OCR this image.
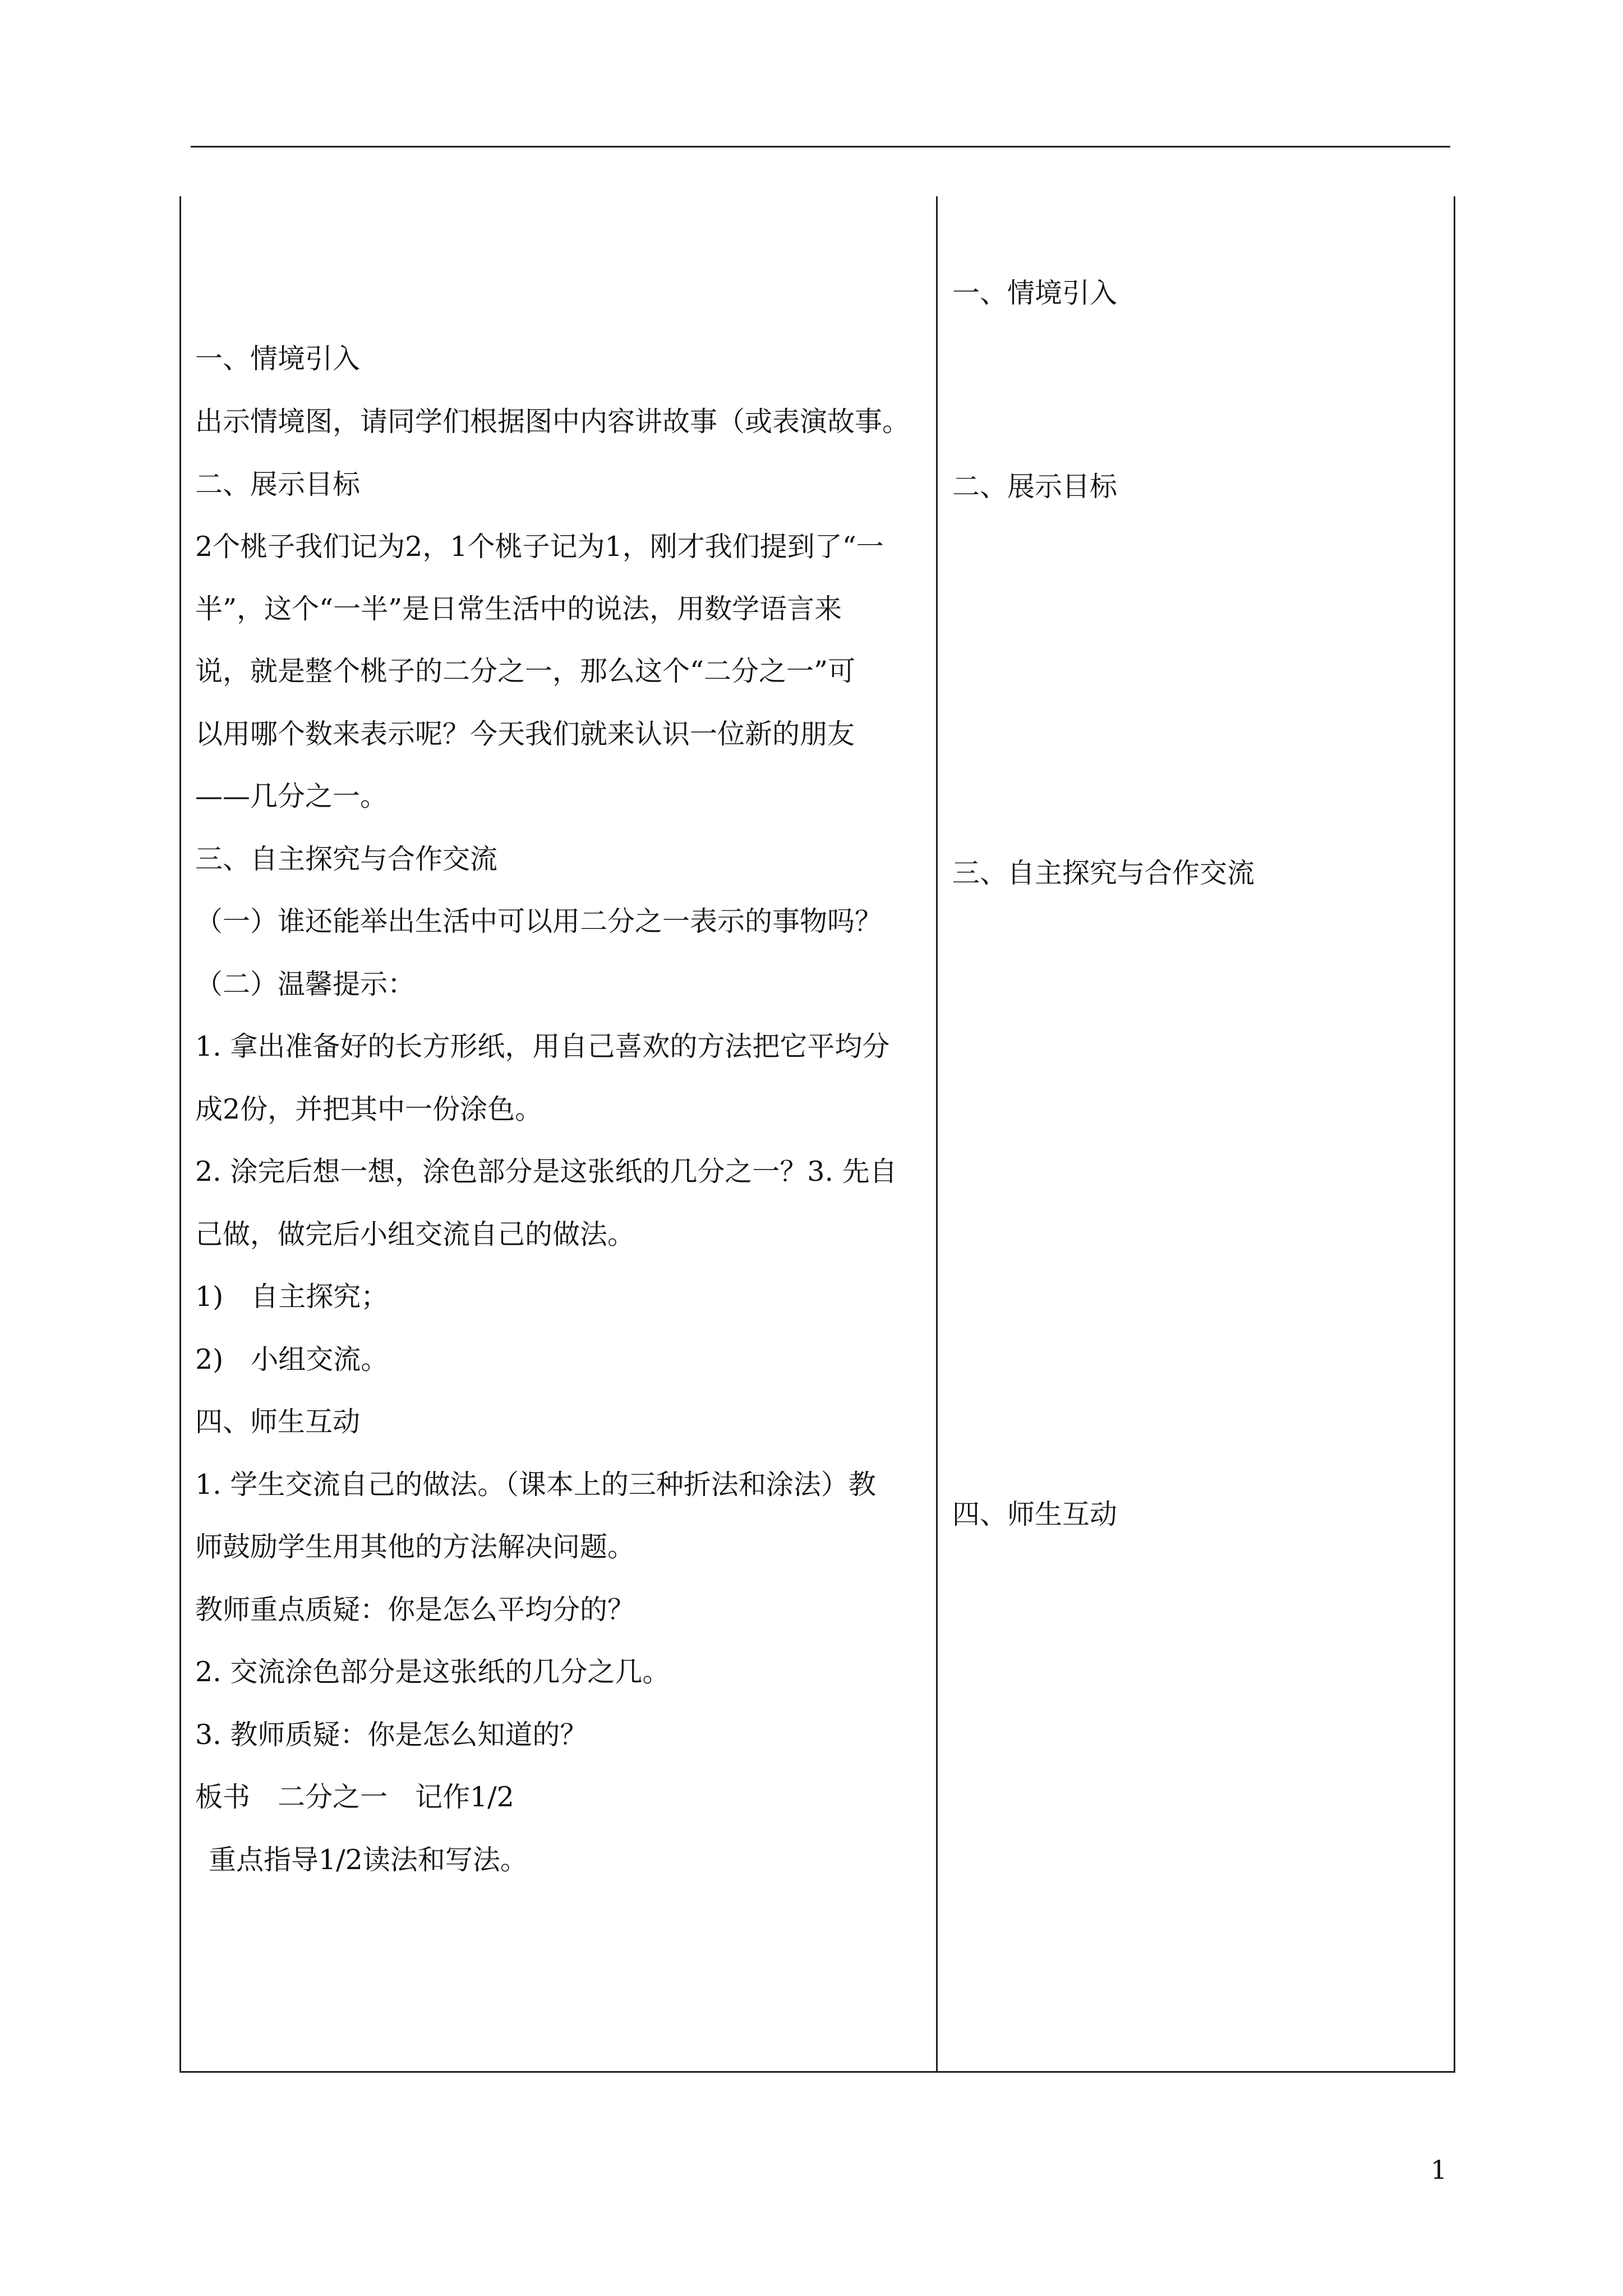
一、情境引入
出示情境图，请同学们根据图中内容讲故事（或表演故事。
二、展示目标
2个桃子我们记为2，1个桃子记为1，刚才我们提到了“一
半”，这个“一半”是日常生活中的说法，用数学语言来
说，就是整个桃子的二分之一，那么这个“二分之一”可
以用哪个数来表示呢？今天我们就来认识一位新的朋友
——几分之一。
三、自主探究与合作交流
（一）谁还能举出生活中可以用二分之一表示的事物吗？
（二）温馨提示：
1. 拿出准备好的长方形纸，用自己喜欢的方法把它平均分
成2份，并把其中一份涂色。
2. 涂完后想一想，涂色部分是这张纸的几分之一？3. 先自
己做，做完后小组交流自己的做法。
1)　自主探究；
2)　小组交流。
四、师生互动
1. 学生交流自己的做法。（课本上的三种折法和涂法）教
师鼓励学生用其他的方法解决问题。
教师重点质疑：你是怎么平均分的？
2. 交流涂色部分是这张纸的几分之几。
3. 教师质疑：你是怎么知道的？
板书　二分之一　记作1/2
重点指导1/2读法和写法。
一、情境引入
二、展示目标
三、自主探究与合作交流
四、师生互动
1
